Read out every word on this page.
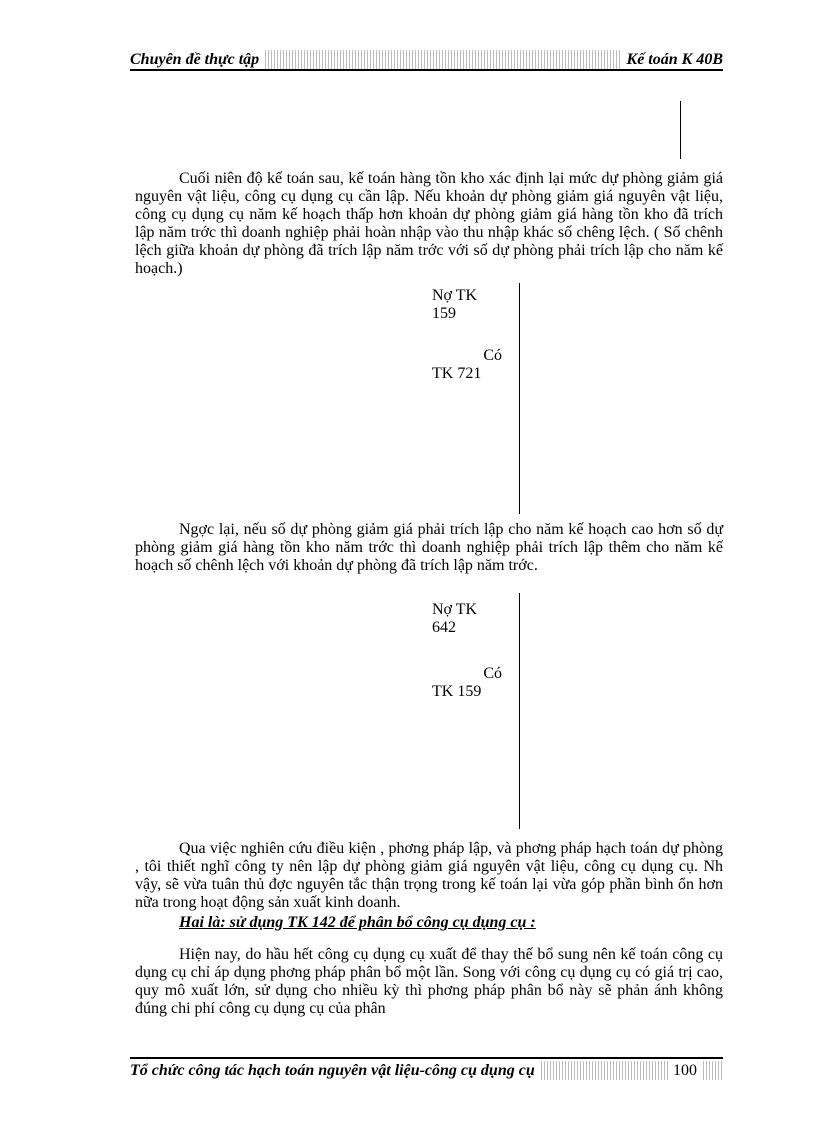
Chuyên đề thực tập	Kế toán K 40B

Cuối niên độ kế toán sau, kế toán hàng tồn kho xác định lại mức dự phòng giảm giá nguyên vật liệu, công cụ dụng cụ cần lập. Nếu khoản dự phòng giảm giá nguyên vật liệu, công cụ dụng cụ năm kế hoạch thấp hơn khoản dự phòng giảm giá hàng tồn kho đã trích lập năm trớc thì doanh nghiệp phải hoàn nhập vào thu nhập khác số chêng lệch. ( Số chênh lệch giữa khoản dự phòng đã trích lập năm trớc với số dự phòng phải trích lập cho năm kế hoạch.)

Nợ TK
159
Có
TK 721

Ngợc lại, nếu số dự phòng giảm giá phải trích lập cho năm kế hoạch cao hơn số dự phòng giảm giá hàng tồn kho năm trớc thì doanh nghiệp phải trích lập thêm cho năm kế hoạch số chênh lệch với khoản dự phòng đã trích lập năm trớc.

Nợ TK
642
Có
TK 159

Qua việc nghiên cứu điều kiện , phơng pháp lập, và phơng pháp hạch toán dự phòng , tôi thiết nghĩ công ty nên lập dự phòng giảm giá nguyên vật liệu, công cụ dụng cụ. Nh vậy, sẽ vừa tuân thủ đợc nguyên tắc thận trọng trong kế toán lại vừa góp phần bình ổn hơn nữa trong hoạt động sản xuất kinh doanh.

Hai là: sử dụng TK 142 để phân bổ công cụ dụng cụ :

Hiện nay, do hầu hết công cụ dụng cụ xuất để thay thế bổ sung nên kế toán công cụ dụng cụ chỉ áp dụng phơng pháp phân bổ một lần. Song với công cụ dụng cụ có giá trị cao, quy mô xuất lớn, sử dụng cho nhiều kỳ thì phơng pháp phân bổ này sẽ phản ánh không đúng chi phí công cụ dụng cụ của phân

Tổ chức công tác hạch toán nguyên vật liệu-công cụ dụng cụ	100
